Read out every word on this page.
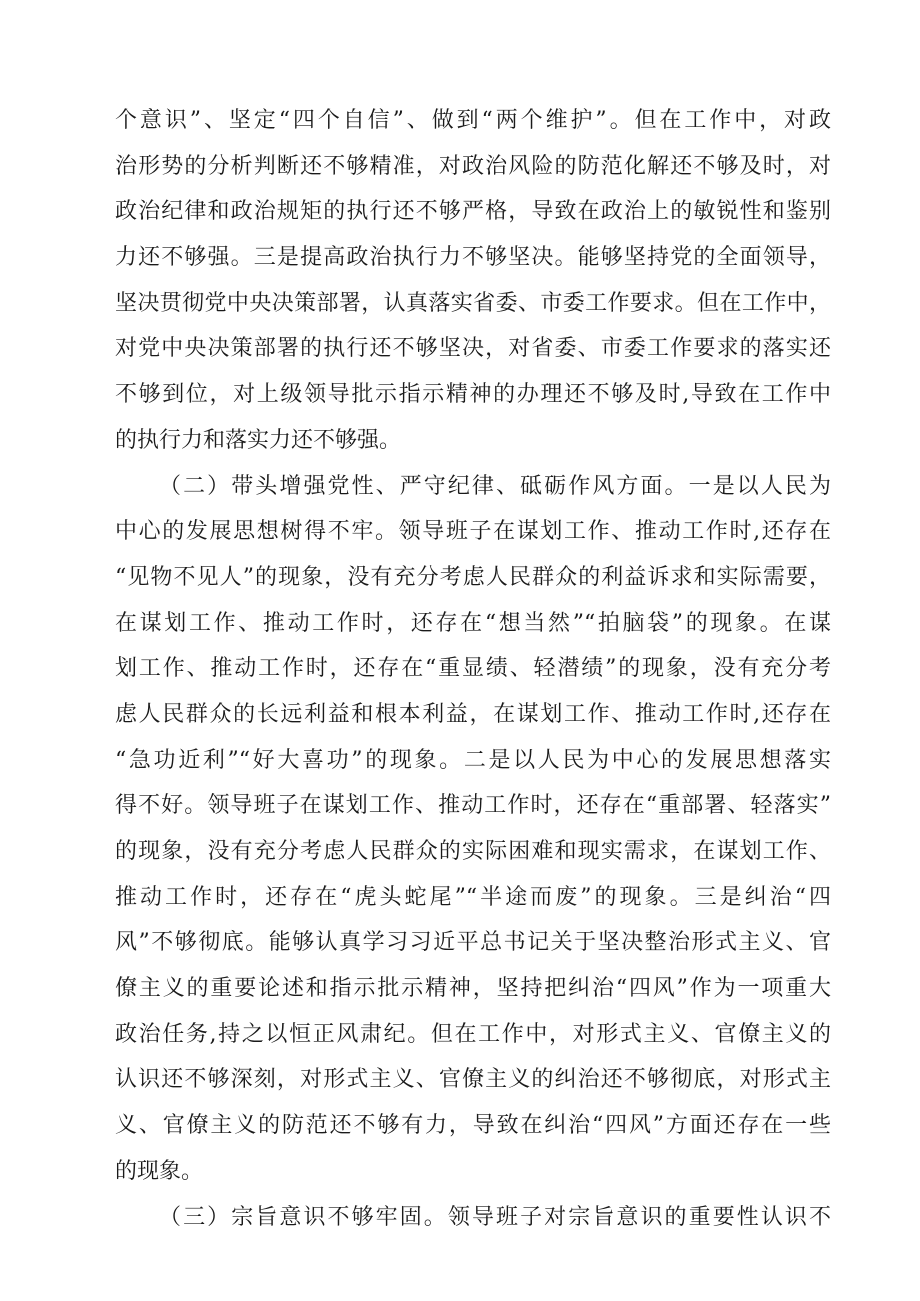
个意识”、坚定“四个自信”、做到“两个维护”。但在工作中，对政
治形势的分析判断还不够精准，对政治风险的防范化解还不够及时，对
政治纪律和政治规矩的执行还不够严格，导致在政治上的敏锐性和鉴别
力还不够强。三是提高政治执行力不够坚决。能够坚持党的全面领导，
坚决贯彻党中央决策部署，认真落实省委、市委工作要求。但在工作中，
对党中央决策部署的执行还不够坚决，对省委、市委工作要求的落实还
不够到位，对上级领导批示指示精神的办理还不够及时,导致在工作中
的执行力和落实力还不够强。
（二）带头增强党性、严守纪律、砥砺作风方面。一是以人民为
中心的发展思想树得不牢。领导班子在谋划工作、推动工作时,还存在
“见物不见人”的现象，没有充分考虑人民群众的利益诉求和实际需要，
在谋划工作、推动工作时，还存在“想当然”“拍脑袋”的现象。在谋
划工作、推动工作时，还存在“重显绩、轻潜绩”的现象，没有充分考
虑人民群众的长远利益和根本利益，在谋划工作、推动工作时,还存在
“急功近利”“好大喜功”的现象。二是以人民为中心的发展思想落实
得不好。领导班子在谋划工作、推动工作时，还存在“重部署、轻落实”
的现象，没有充分考虑人民群众的实际困难和现实需求，在谋划工作、
推动工作时，还存在“虎头蛇尾”“半途而废”的现象。三是纠治“四
风”不够彻底。能够认真学习习近平总书记关于坚决整治形式主义、官
僚主义的重要论述和指示批示精神，坚持把纠治“四风”作为一项重大
政治任务,持之以恒正风肃纪。但在工作中，对形式主义、官僚主义的
认识还不够深刻，对形式主义、官僚主义的纠治还不够彻底，对形式主
义、官僚主义的防范还不够有力，导致在纠治“四风”方面还存在一些
的现象。
（三）宗旨意识不够牢固。领导班子对宗旨意识的重要性认识不
